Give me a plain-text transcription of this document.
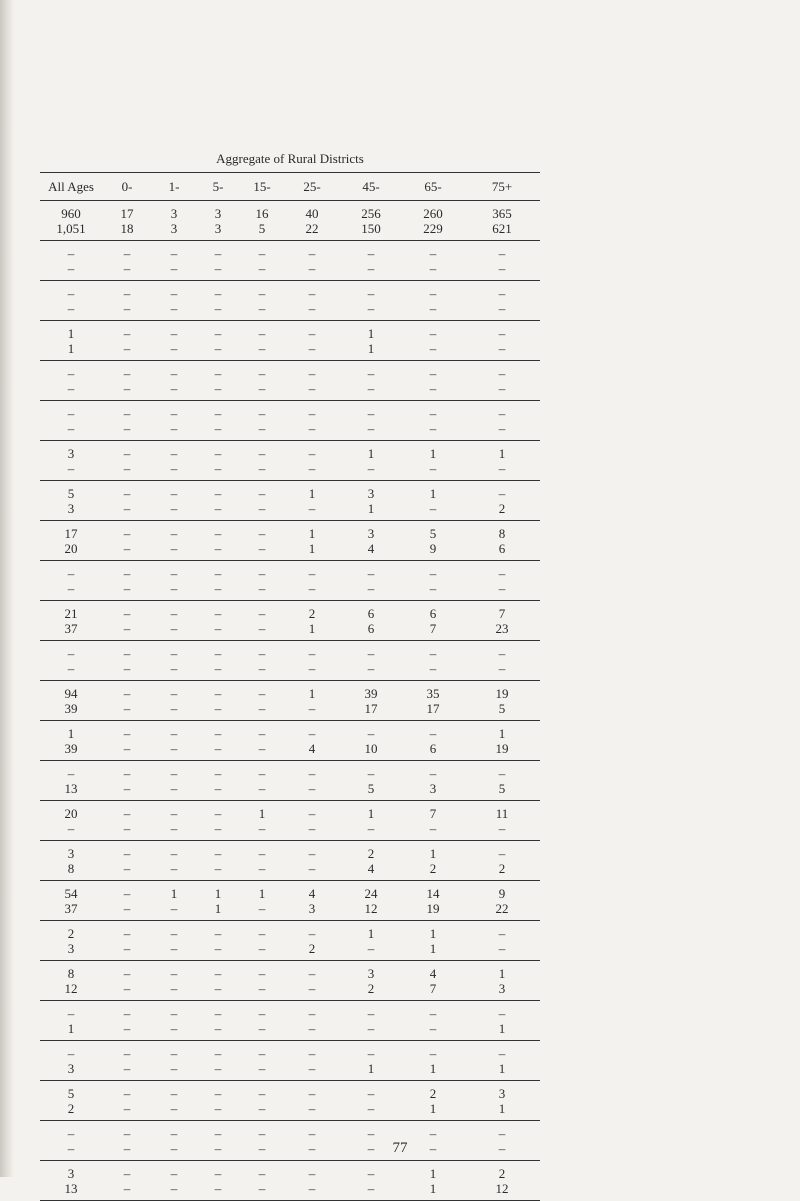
Aggregate of Rural Districts
All Ages	0-	1-	5-	15-	25-	45-	65-	75+
960	17	3	3	16	40	256	260	365
1,051	18	3	3	5	22	150	229	621
–	–	–	–	–	–	–	–	–
–	–	–	–	–	–	–	–	–
–	–	–	–	–	–	–	–	–
–	–	–	–	–	–	–	–	–
1	–	–	–	–	–	1	–	–
1	–	–	–	–	–	1	–	–
–	–	–	–	–	–	–	–	–
–	–	–	–	–	–	–	–	–
–	–	–	–	–	–	–	–	–
–	–	–	–	–	–	–	–	–
3	–	–	–	–	–	1	1	1
–	–	–	–	–	–	–	–	–
5	–	–	–	–	1	3	1	–
3	–	–	–	–	–	1	–	2
17	–	–	–	–	1	3	5	8
20	–	–	–	–	1	4	9	6
–	–	–	–	–	–	–	–	–
–	–	–	–	–	–	–	–	–
21	–	–	–	–	2	6	6	7
37	–	–	–	–	1	6	7	23
–	–	–	–	–	–	–	–	–
–	–	–	–	–	–	–	–	–
94	–	–	–	–	1	39	35	19
39	–	–	–	–	–	17	17	5
1	–	–	–	–	–	–	–	1
39	–	–	–	–	4	10	6	19
–	–	–	–	–	–	–	–	–
13	–	–	–	–	–	5	3	5
20	–	–	–	1	–	1	7	11
–	–	–	–	–	–	–	–	–
3	–	–	–	–	–	2	1	–
8	–	–	–	–	–	4	2	2
54	–	1	1	1	4	24	14	9
37	–	–	1	–	3	12	19	22
2	–	–	–	–	–	1	1	–
3	–	–	–	–	2	–	1	–
8	–	–	–	–	–	3	4	1
12	–	–	–	–	–	2	7	3
–	–	–	–	–	–	–	–	–
1	–	–	–	–	–	–	–	1
–	–	–	–	–	–	–	–	–
3	–	–	–	–	–	1	1	1
5	–	–	–	–	–	–	2	3
2	–	–	–	–	–	–	1	1
–	–	–	–	–	–	–	–	–
–	–	–	–	–	–	–	–	–
3	–	–	–	–	–	–	1	2
13	–	–	–	–	–	–	1	12
77
